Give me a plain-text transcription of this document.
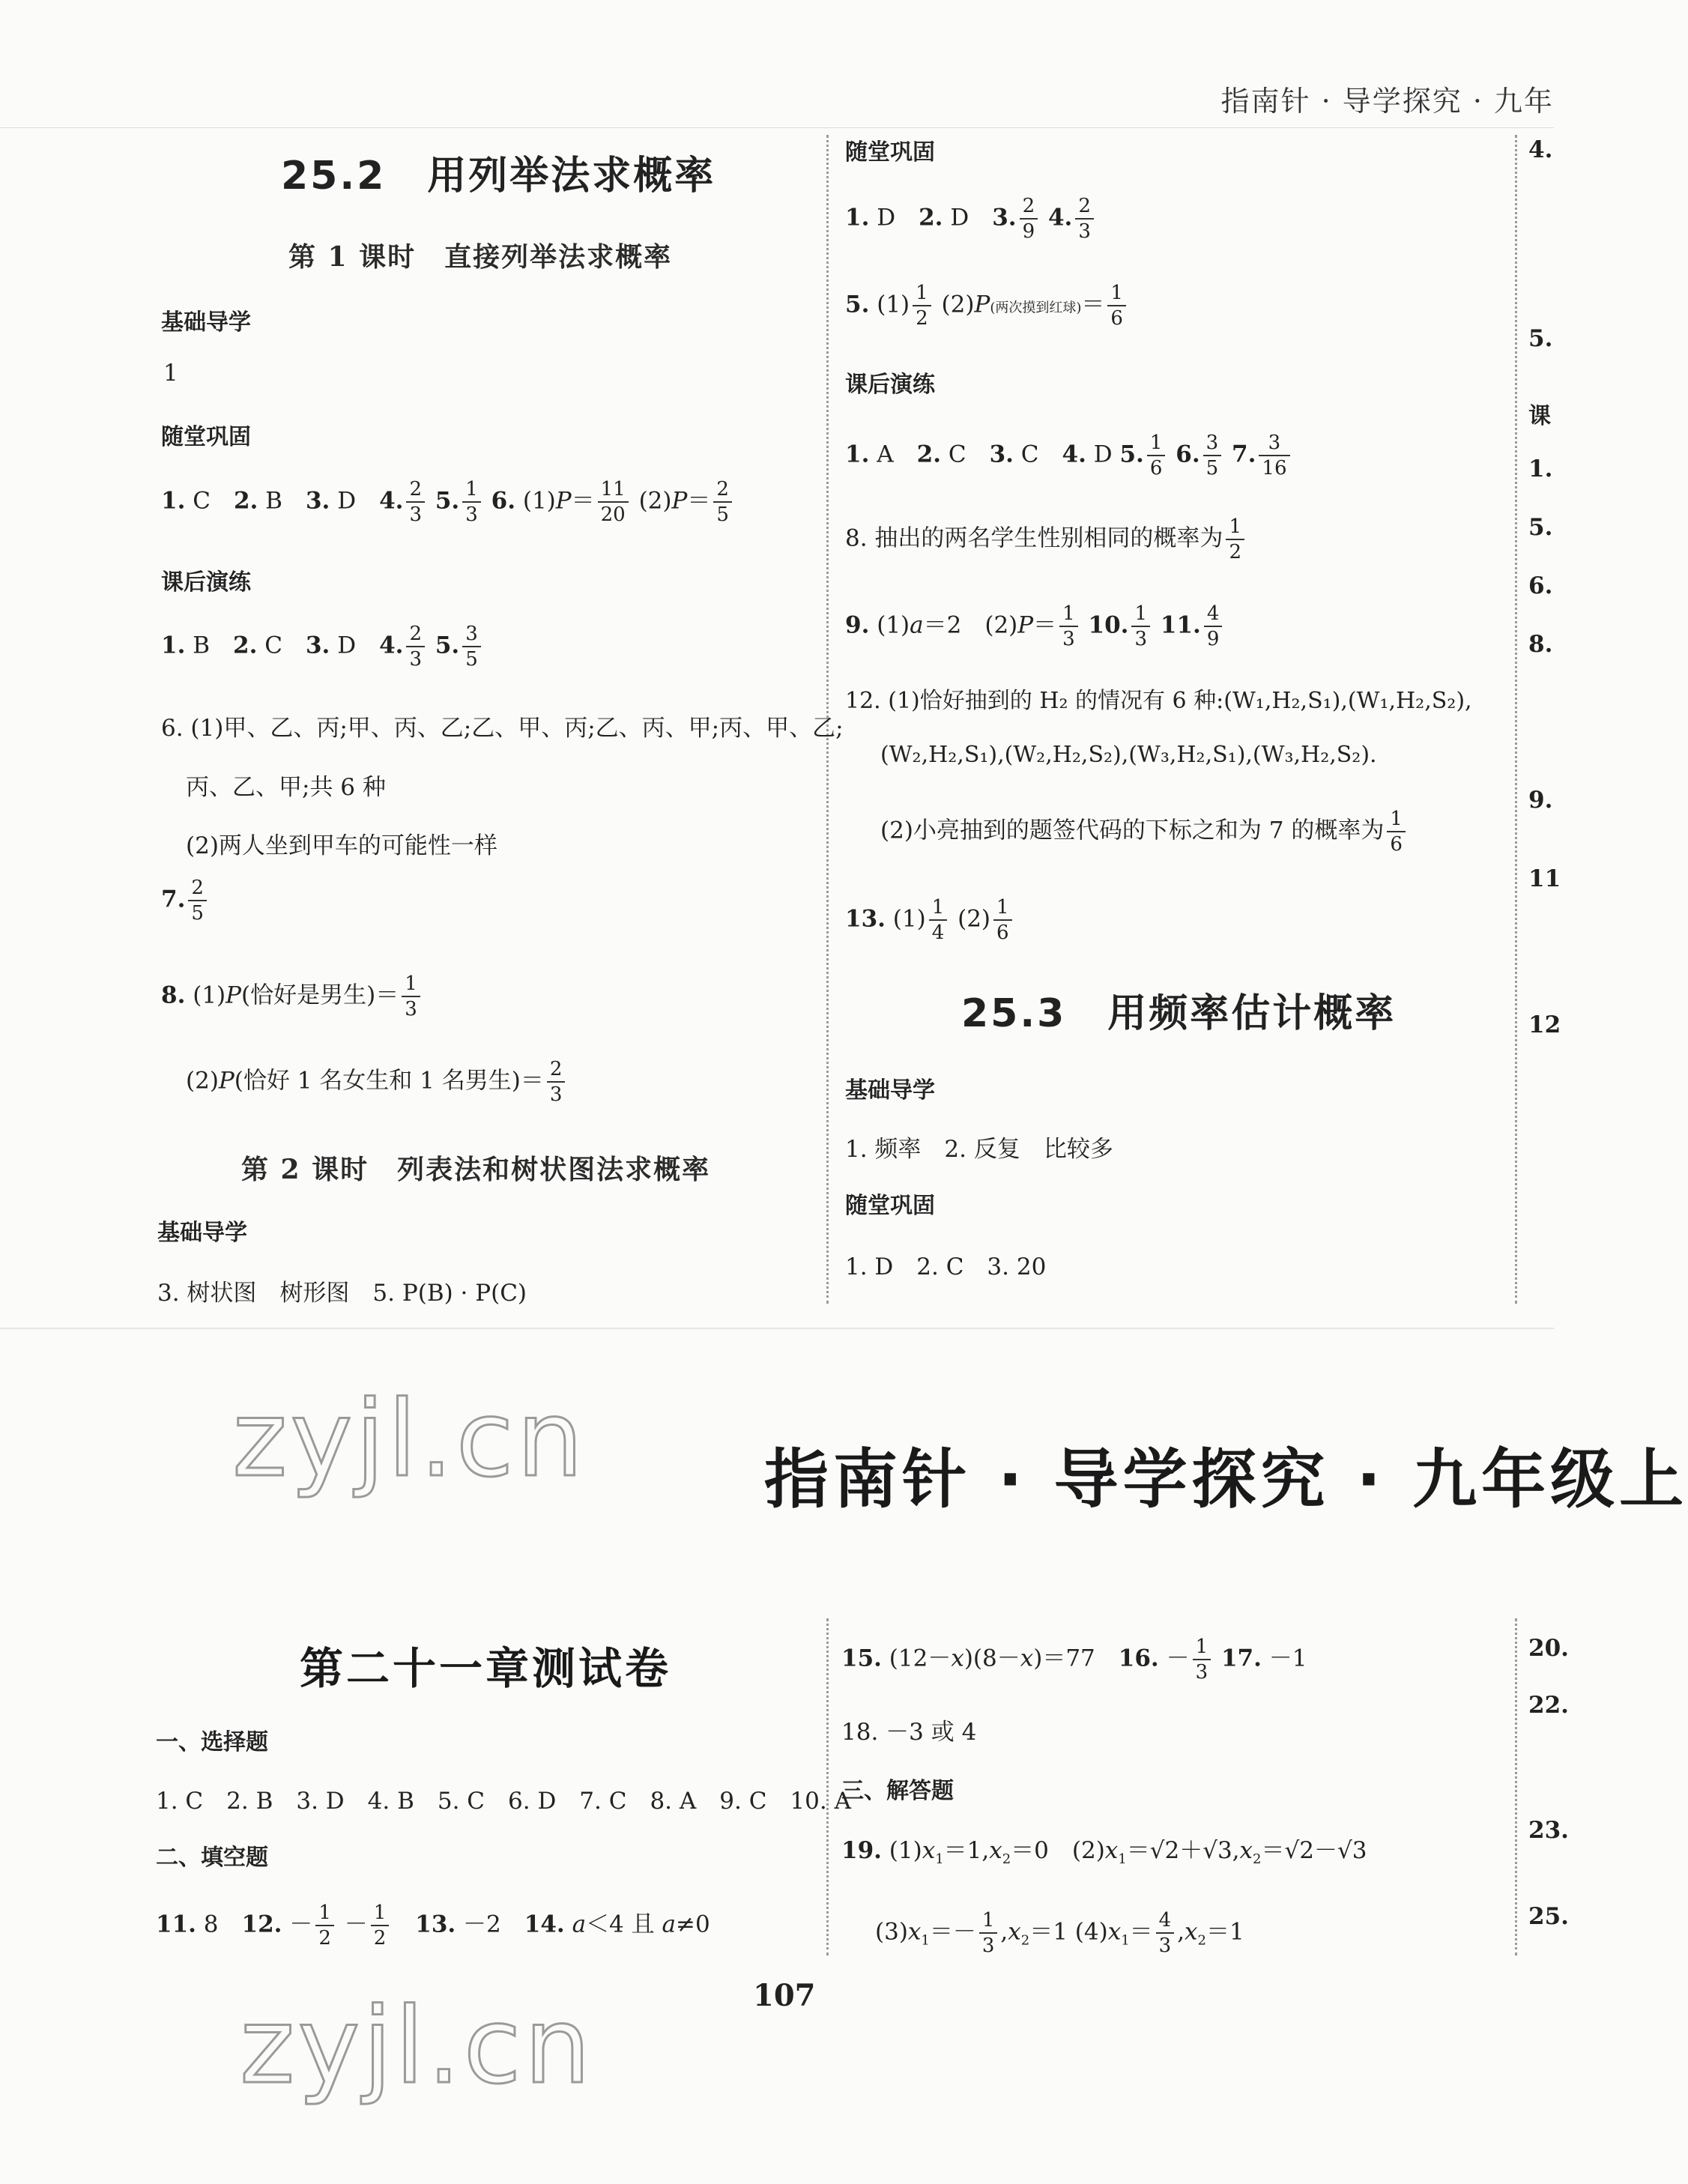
指南针 · 导学探究 · 九年
25.2　用列举法求概率
第 1 课时　直接列举法求概率
基础导学
1
随堂巩固
1. C　2. B　3. D　4. $\frac{2}{3} 5$. $\frac{1}{3} 6$. $(1)P= \frac{11}{20} (2)P= \frac{2}{5}$
课后演练
1. B　2. C　3. D　4. $\frac{2}{3} 5$. $\frac{3}{5}$
6. (1)甲、乙、丙;甲、丙、乙;乙、甲、丙;乙、丙、甲;丙、甲、乙;
丙、乙、甲;共 6 种
(2)两人坐到甲车的可能性一样
7. $\frac{2}{5}$
8. (1)P(恰好是男生)＝ $\frac{1}{3}$
(2)P(恰好 1 名女生和 1 名男生)＝ $\frac{2}{3}$
第 2 课时　列表法和树状图法求概率
基础导学
3. 树状图　树形图　5. P(B) · P(C)
随堂巩固
1. D　2. D　3. $\frac{2}{9} 4$. $\frac{2}{3}$
5. $(1) \frac{1}{2} (2)P$(两次摸到红球)＝ $\frac{1}{6}$
课后演练
1. A　2. C　3. C　4. D 5. $\frac{1}{6} 6$. $\frac{3}{5} 7$. $\frac{3}{16}$
8. 抽出的两名学生性别相同的概率为 $\frac{1}{2}$
9. (1)a＝2　$(2)P= \frac{1}{3} 10$. $\frac{1}{3} 11$. $\frac{4}{9}$
12. (1)恰好抽到的 H₂ 的情况有 6 种:(W₁,H₂,S₁),(W₁,H₂,S₂),
(W₂,H₂,S₁),(W₂,H₂,S₂),(W₃,H₂,S₁),(W₃,H₂,S₂).
(2)小亮抽到的题签代码的下标之和为 7 的概率为 $\frac{1}{6}$
13. $(1) \frac{1}{4} (2) \frac{1}{6}$
25.3　用频率估计概率
基础导学
1. 频率　2. 反复　比较多
随堂巩固
1. D　2. C　3. 20
4.
5.
课
1.
5.
6.
8.
9.
11
12
zyjl.cn	指南针 · 导学探究 · 九年级上
第二十一章测试卷
一、选择题
1. C　2. B　3. D　4. B　5. C　6. D　7. C　8. A　9. C　10. A
二、填空题
11. 8　12. － $\frac{1}{2} - \frac{1}{2}$
　 13. －2　14. a＜4 且 a≠0
15. (12－x)(8－x)＝77　16. － $\frac{1}{3} 17$. －1
18. －3 或 4
三、解答题
19. $(1)x_1=1,x_2=0$　$(2)x_1=√2+√3,x_2=√2-√3$
$(3)x_1=- \frac{1}{3} ,x_2=1$ $(4)x_1= \frac{4}{3} ,x_2=1$
20.
22.
23.
25.
zyjl.cn	107
